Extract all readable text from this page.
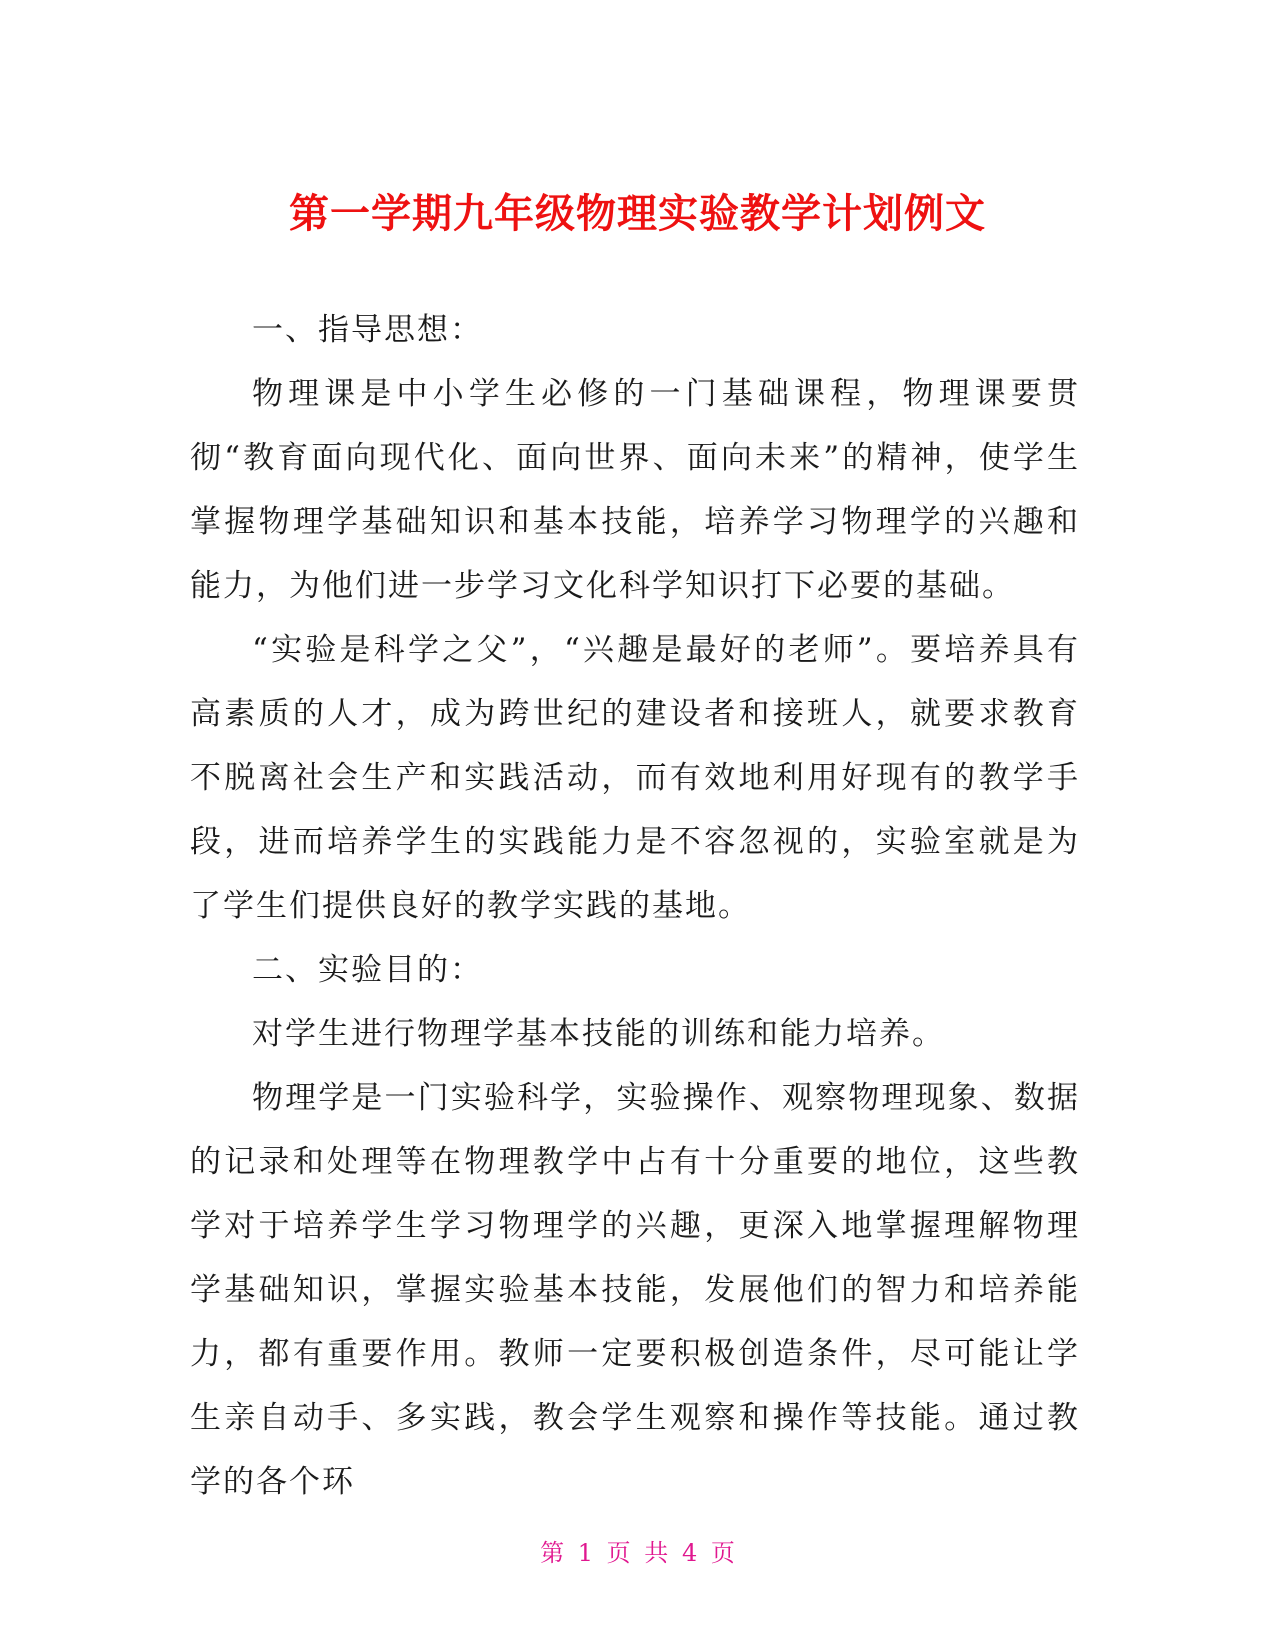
第一学期九年级物理实验教学计划例文

一、指导思想：

物理课是中小学生必修的一门基础课程，物理课要贯彻“教育面向现代化、面向世界、面向未来”的精神，使学生掌握物理学基础知识和基本技能，培养学习物理学的兴趣和能力，为他们进一步学习文化科学知识打下必要的基础。

“实验是科学之父”，“兴趣是最好的老师”。要培养具有高素质的人才，成为跨世纪的建设者和接班人，就要求教育不脱离社会生产和实践活动，而有效地利用好现有的教学手段，进而培养学生的实践能力是不容忽视的，实验室就是为了学生们提供良好的教学实践的基地。

二、实验目的：

对学生进行物理学基本技能的训练和能力培养。

物理学是一门实验科学，实验操作、观察物理现象、数据的记录和处理等在物理教学中占有十分重要的地位，这些教学对于培养学生学习物理学的兴趣，更深入地掌握理解物理学基础知识，掌握实验基本技能，发展他们的智力和培养能力，都有重要作用。教师一定要积极创造条件，尽可能让学生亲自动手、多实践，教会学生观察和操作等技能。通过教学的各个环

第 1 页 共 4 页
